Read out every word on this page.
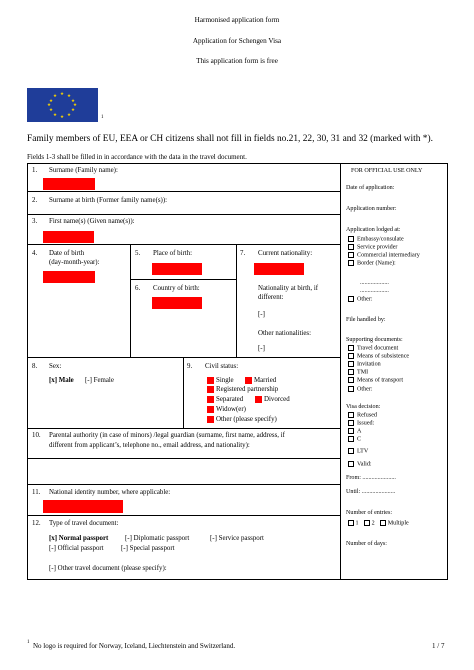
Harmonised application form
Application for Schengen Visa
This application form is free
★ ★
★
★
★
★
★
★
★
★
★
★
1
Family members of EU, EEA or CH citizens shall not fill in fields no.21, 22, 30, 31 and 32 (marked with *).
Fields 1-3 shall be filled in in accordance with the data in the travel document.
1. Surname (Family name):
2. Surname at birth (Former family name(s)):
3. First name(s) (Given name(s)):
4. Date of birth
(day-month-year):
5. Place of birth:
6. Country of birth:
7. Current nationality:
Nationality at birth, if
different:
[-]
Other nationalities:
[-]
8. Sex:
[x] Male [-] Female
9. Civil status:
Single	Married
Registered partnership
Separated	Divorced
Widow(er)
Other (please specify)
10. Parental authority (in case of minors) /legal guardian (surname, first name, address, if
different from applicant’s, telephone no., email address, and nationality):
11. National identity number, where applicable:
12. Type of travel document:
[x] Normal passport [-] Diplomatic passport	[-] Service passport
[-] Official passport	[-] Special passport
[-] Other travel document (please specify):
FOR OFFICIAL USE ONLY
Date of application:
Application number:
Application lodged at:
Embassy/consulate
Service provider
Commercial intermediary
Border (Name):
...................
...................
Other:
File handled by:
Supporting documents:
Travel document
Means of subsistence
Invitation
TMI
Means of transport
Other:
Visa decision:
Refused
Issued:
A
C
LTV
Valid:
From: ......................
Until: ......................
Number of entries:
1 2 Multiple
Number of days:
1 No logo is required for Norway, Iceland, Liechtenstein and Switzerland.	1 / 7
